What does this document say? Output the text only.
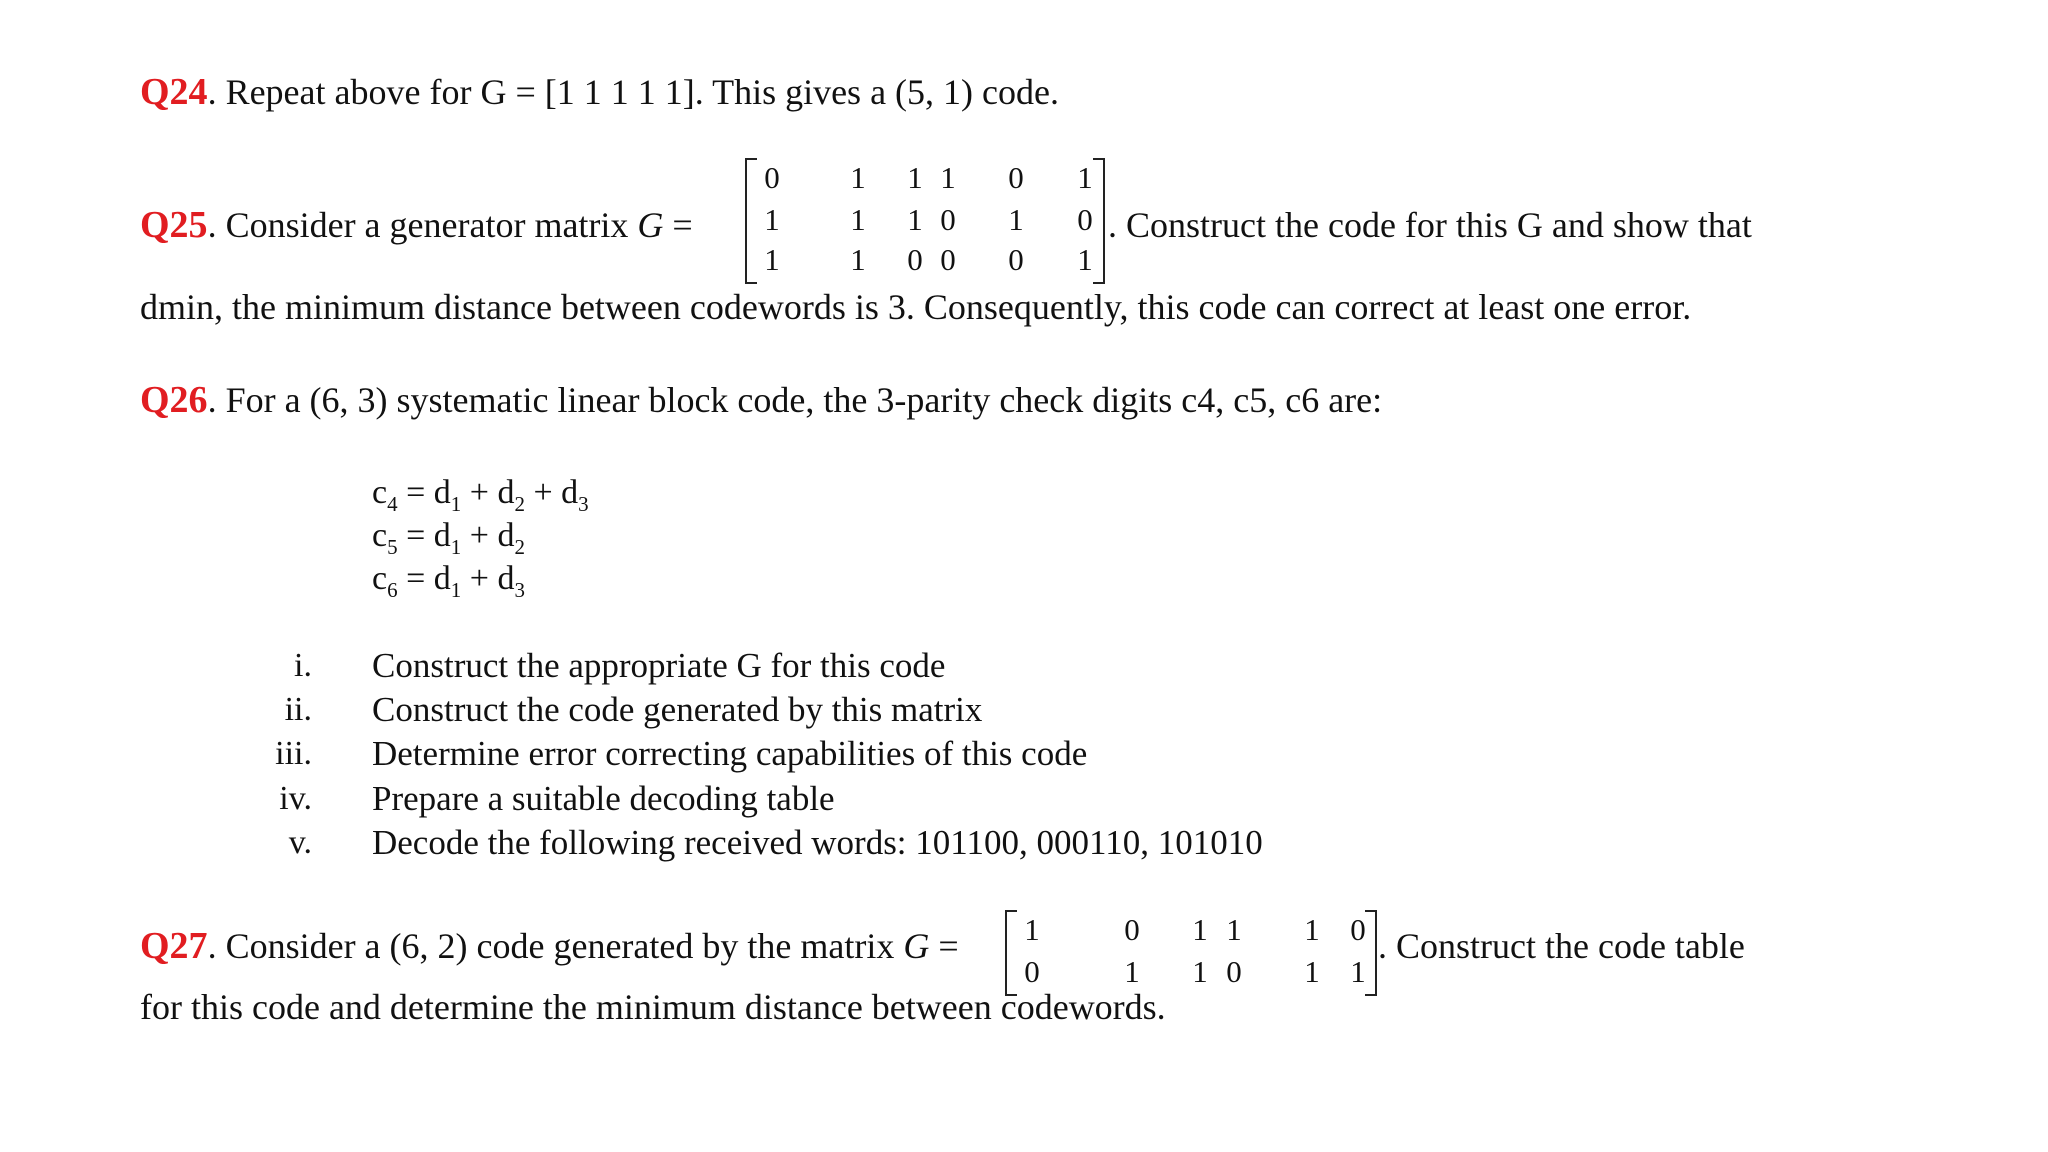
Q24. Repeat above for G = [1 1 1 1 1]. This gives a (5, 1) code.
Q25. Consider a generator matrix G =
0 1 1 1 0 1
1 1 1 0 1 0
1 1 0 0 0 1
. Construct the code for this G and show that
dmin, the minimum distance between codewords is 3. Consequently, this code can correct at least one error.
Q26. For a (6, 3) systematic linear block code, the 3-parity check digits c4, c5, c6 are:
$c_4 = d_1 + d_2 + d_3$
$c_5 = d_1 + d_2$
$c_6 = d_1 + d_3$
i. Construct the appropriate G for this code
ii. Construct the code generated by this matrix
iii. Determine error correcting capabilities of this code
iv. Prepare a suitable decoding table
v. Decode the following received words: 101100, 000110, 101010
Q27. Consider a (6, 2) code generated by the matrix G = 1	0 1 1 1 0
0	1 1 0 1 1
. Construct the code table
for this code and determine the minimum distance between codewords.
